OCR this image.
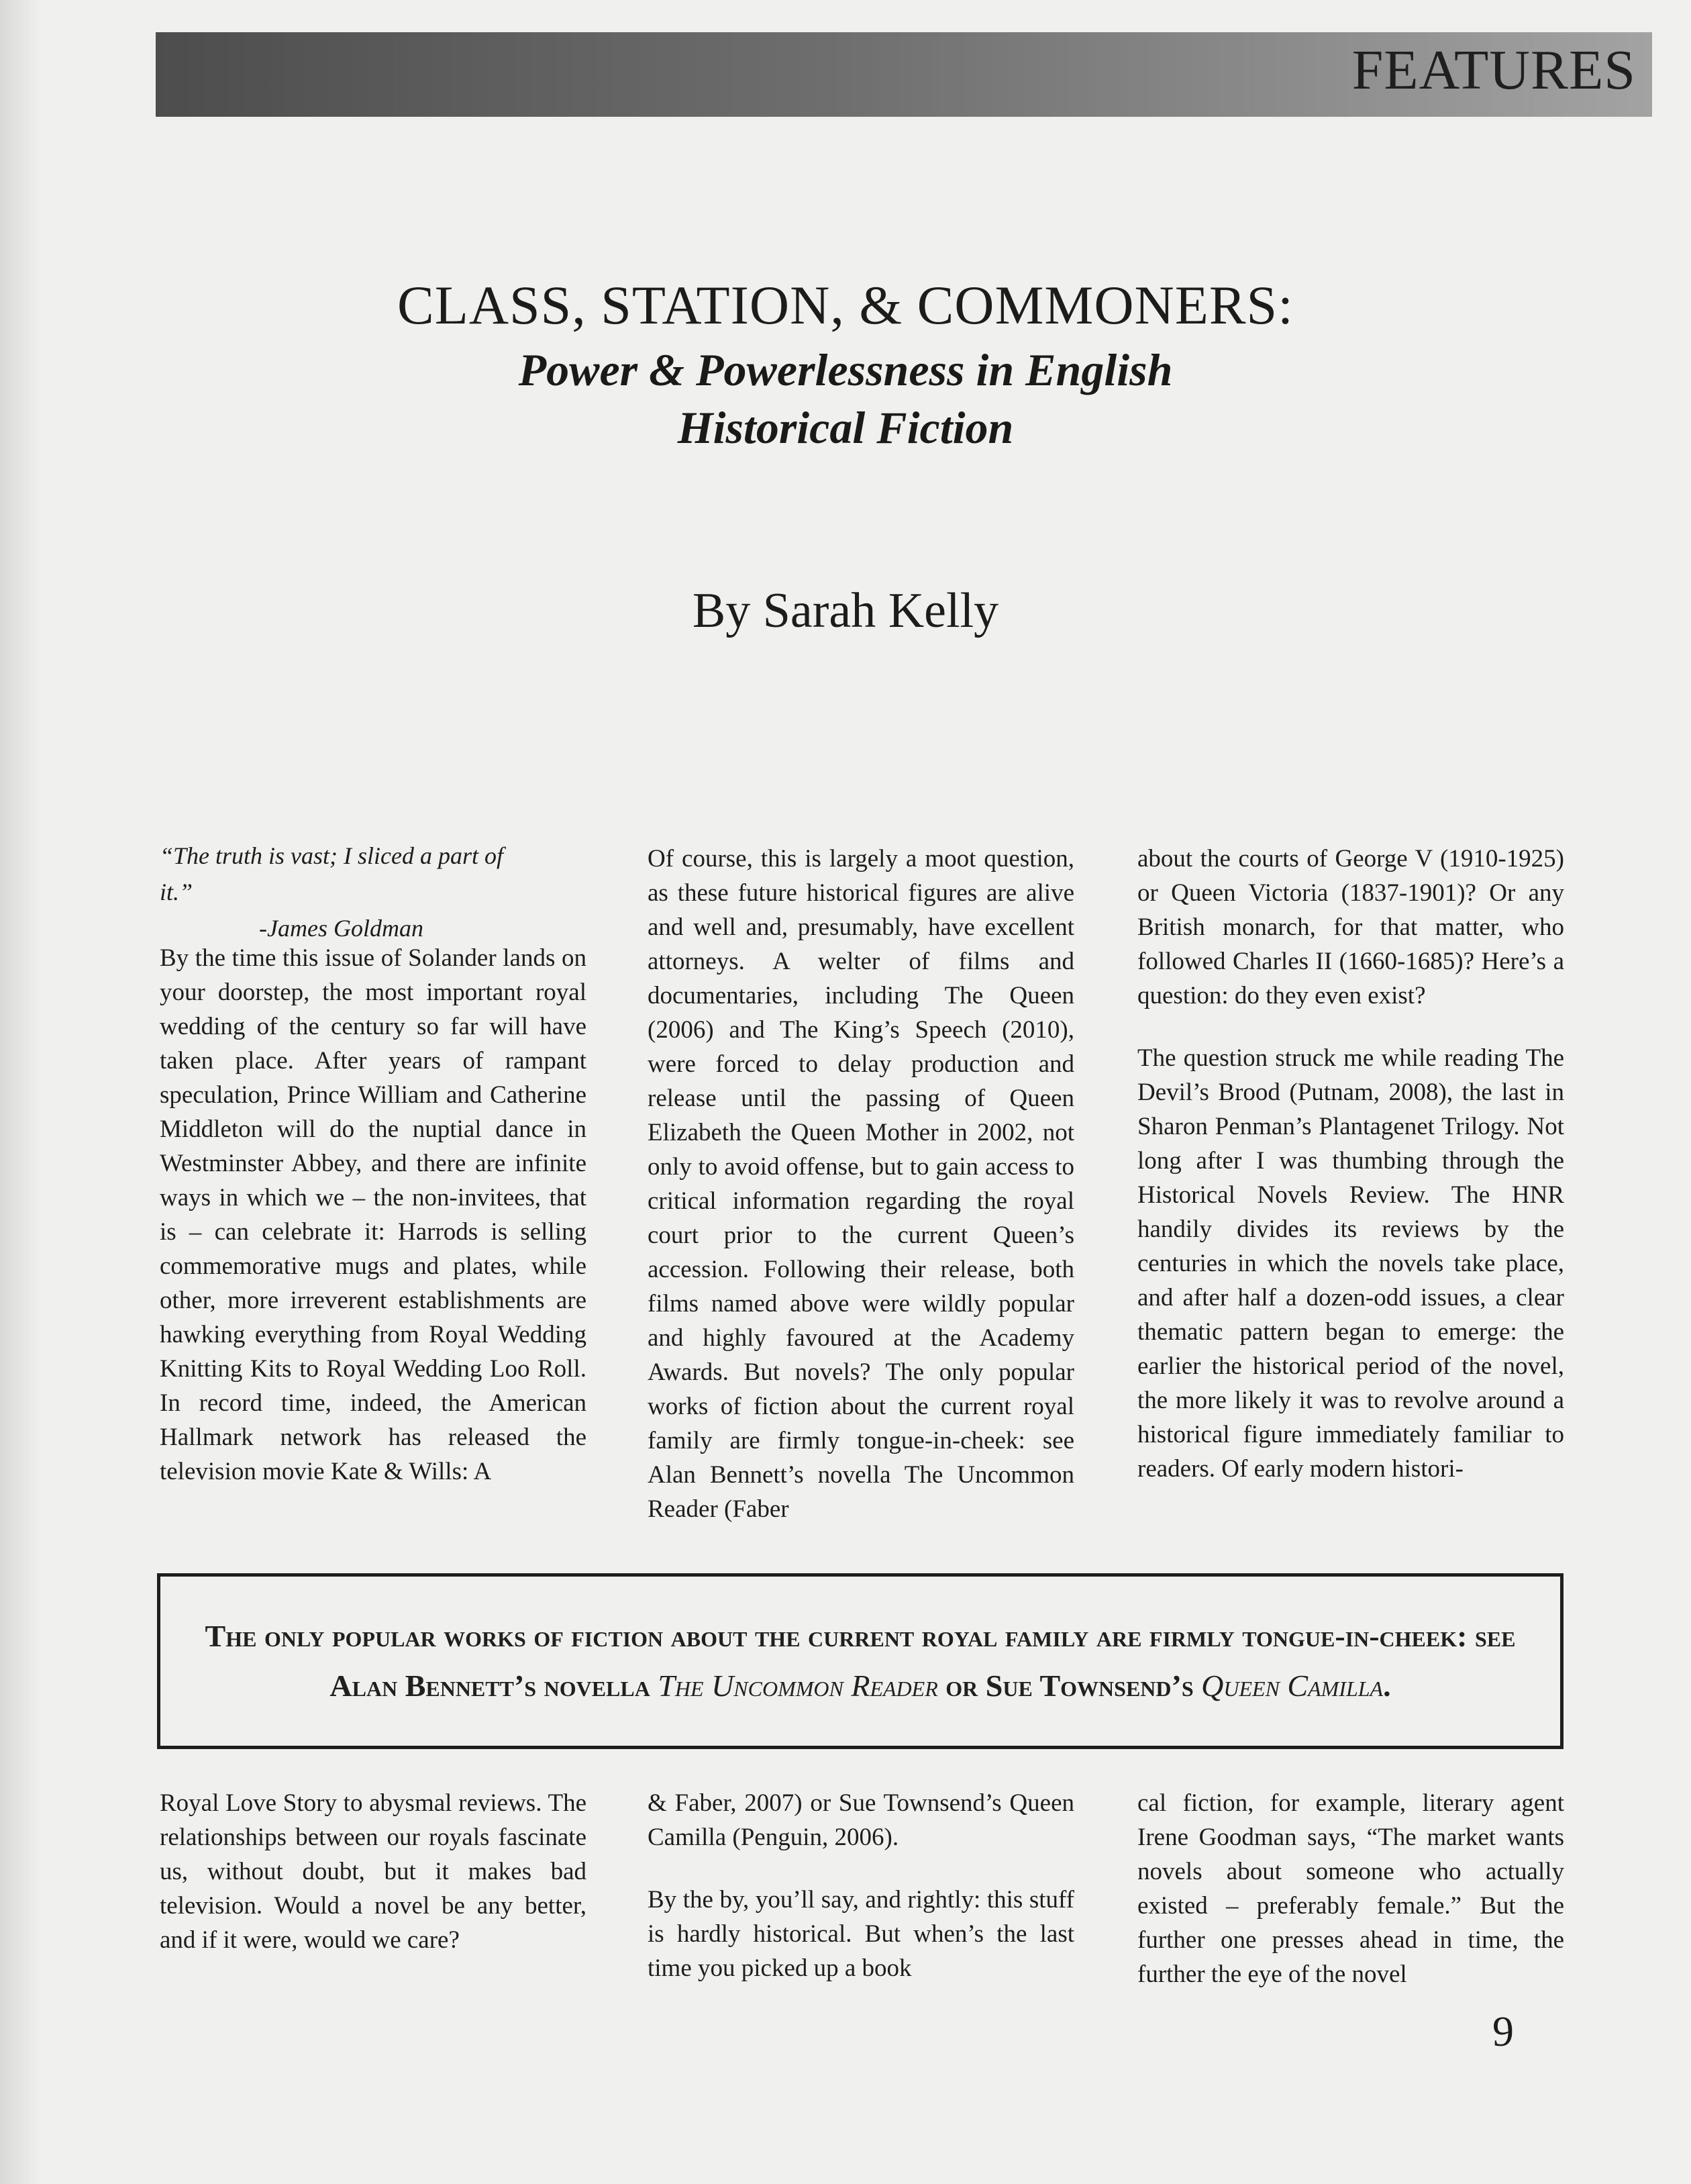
FEATURES
CLASS, STATION, & COMMONERS:
Power & Powerlessness in English Historical Fiction
By Sarah Kelly
“The truth is vast; I sliced a part of it.”
-James Goldman

By the time this issue of Solander lands on your doorstep, the most important royal wedding of the century so far will have taken place. After years of rampant speculation, Prince William and Catherine Middleton will do the nuptial dance in Westminster Abbey, and there are infinite ways in which we – the non-invitees, that is – can celebrate it: Harrods is selling commemorative mugs and plates, while other, more irreverent establishments are hawking everything from Royal Wedding Knitting Kits to Royal Wedding Loo Roll. In record time, indeed, the American Hallmark network has released the television movie Kate & Wills: A

Of course, this is largely a moot question, as these future historical figures are alive and well and, presumably, have excellent attorneys. A welter of films and documentaries, including The Queen (2006) and The King’s Speech (2010), were forced to delay production and release until the passing of Queen Elizabeth the Queen Mother in 2002, not only to avoid offense, but to gain access to critical information regarding the royal court prior to the current Queen’s accession. Following their release, both films named above were wildly popular and highly favoured at the Academy Awards. But novels? The only popular works of fiction about the current royal family are firmly tongue-in-cheek: see Alan Bennett’s novella The Uncommon Reader (Faber

about the courts of George V (1910-1925) or Queen Victoria (1837-1901)? Or any British monarch, for that matter, who followed Charles II (1660-1685)? Here’s a question: do they even exist?

The question struck me while reading The Devil’s Brood (Putnam, 2008), the last in Sharon Penman’s Plantagenet Trilogy. Not long after I was thumbing through the Historical Novels Review. The HNR handily divides its reviews by the centuries in which the novels take place, and after half a dozen-odd issues, a clear thematic pattern began to emerge: the earlier the historical period of the novel, the more likely it was to revolve around a historical figure immediately familiar to readers. Of early modern histori-

The only popular works of fiction about the current royal family are firmly tongue-in-cheek: see Alan Bennett’s novella The Uncommon Reader or Sue Townsend’s Queen Camilla.

Royal Love Story to abysmal reviews. The relationships between our royals fascinate us, without doubt, but it makes bad television. Would a novel be any better, and if it were, would we care?

& Faber, 2007) or Sue Townsend’s Queen Camilla (Penguin, 2006).

By the by, you’ll say, and rightly: this stuff is hardly historical. But when’s the last time you picked up a book

cal fiction, for example, literary agent Irene Goodman says, “The market wants novels about someone who actually existed – preferably female.” But the further one presses ahead in time, the further the eye of the novel

9
